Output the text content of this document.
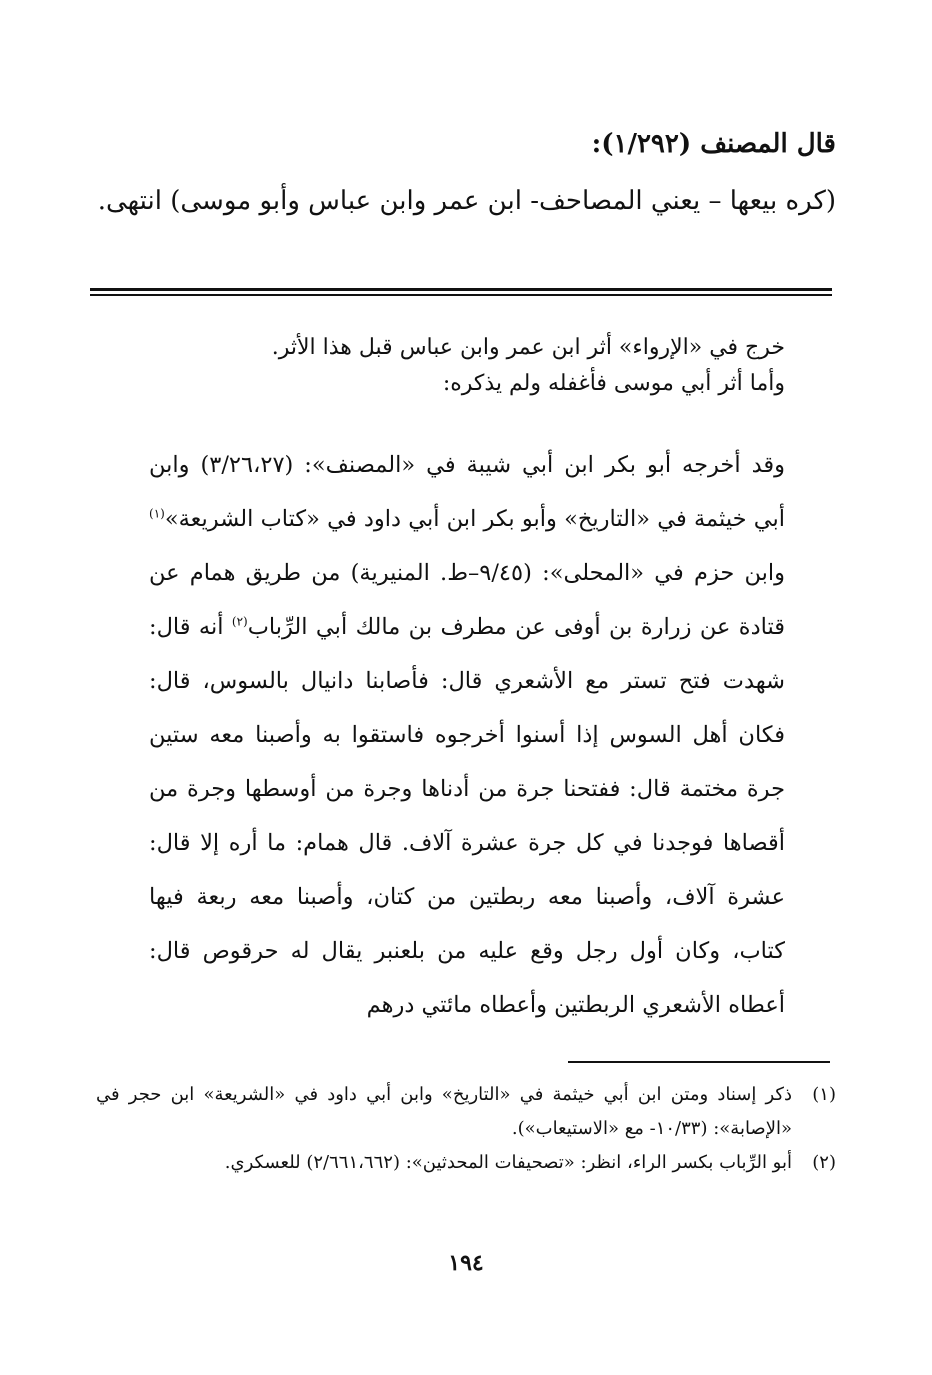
قال المصنف (١/٢٩٢):
(كره بيعها – يعني المصاحف- ابن عمر وابن عباس وأبو موسى) انتهى.

خرج في «الإرواء» أثر ابن عمر وابن عباس قبل هذا الأثر.

وأما أثر أبي موسى فأغفله ولم يذكره:

وقد أخرجه أبو بكر ابن أبي شيبة في «المصنف»: (٣/٢٦،٢٧) وابن أبي خيثمة في «التاريخ» وأبو بكر ابن أبي داود في «كتاب الشريعة»$^{(١)}$ وابن حزم في «المحلى»: (٩/٤٥–ط. المنيرية) من طريق همام عن قتادة عن زرارة بن أوفى عن مطرف بن مالك أبي الرِّباب$^{(٢)}$ أنه قال: شهدت فتح تستر مع الأشعري قال: فأصابنا دانيال بالسوس، قال: فكان أهل السوس إذا أسنوا أخرجوه فاستقوا به وأصبنا معه ستين جرة مختمة قال: ففتحنا جرة من أدناها وجرة من أوسطها وجرة من أقصاها فوجدنا في كل جرة عشرة آلاف. قال همام: ما أره إلا قال: عشرة آلاف، وأصبنا معه ربطتين من كتان، وأصبنا معه ربعة فيها كتاب، وكان أول رجل وقع عليه من بلعنبر يقال له حرقوص قال: أعطاه الأشعري الربطتين وأعطاه مائتي درهم
(١)
ذكر إسناد ومتن ابن أبي خيثمة في «التاريخ» وابن أبي داود في «الشريعة» ابن حجر في «الإصابة»: (١٠/٣٣- مع «الاستيعاب»).
(٢)
أبو الرِّباب بكسر الراء، انظر: «تصحيفات المحدثين»: (٢/٦٦١،٦٦٢) للعسكري.
١٩٤
